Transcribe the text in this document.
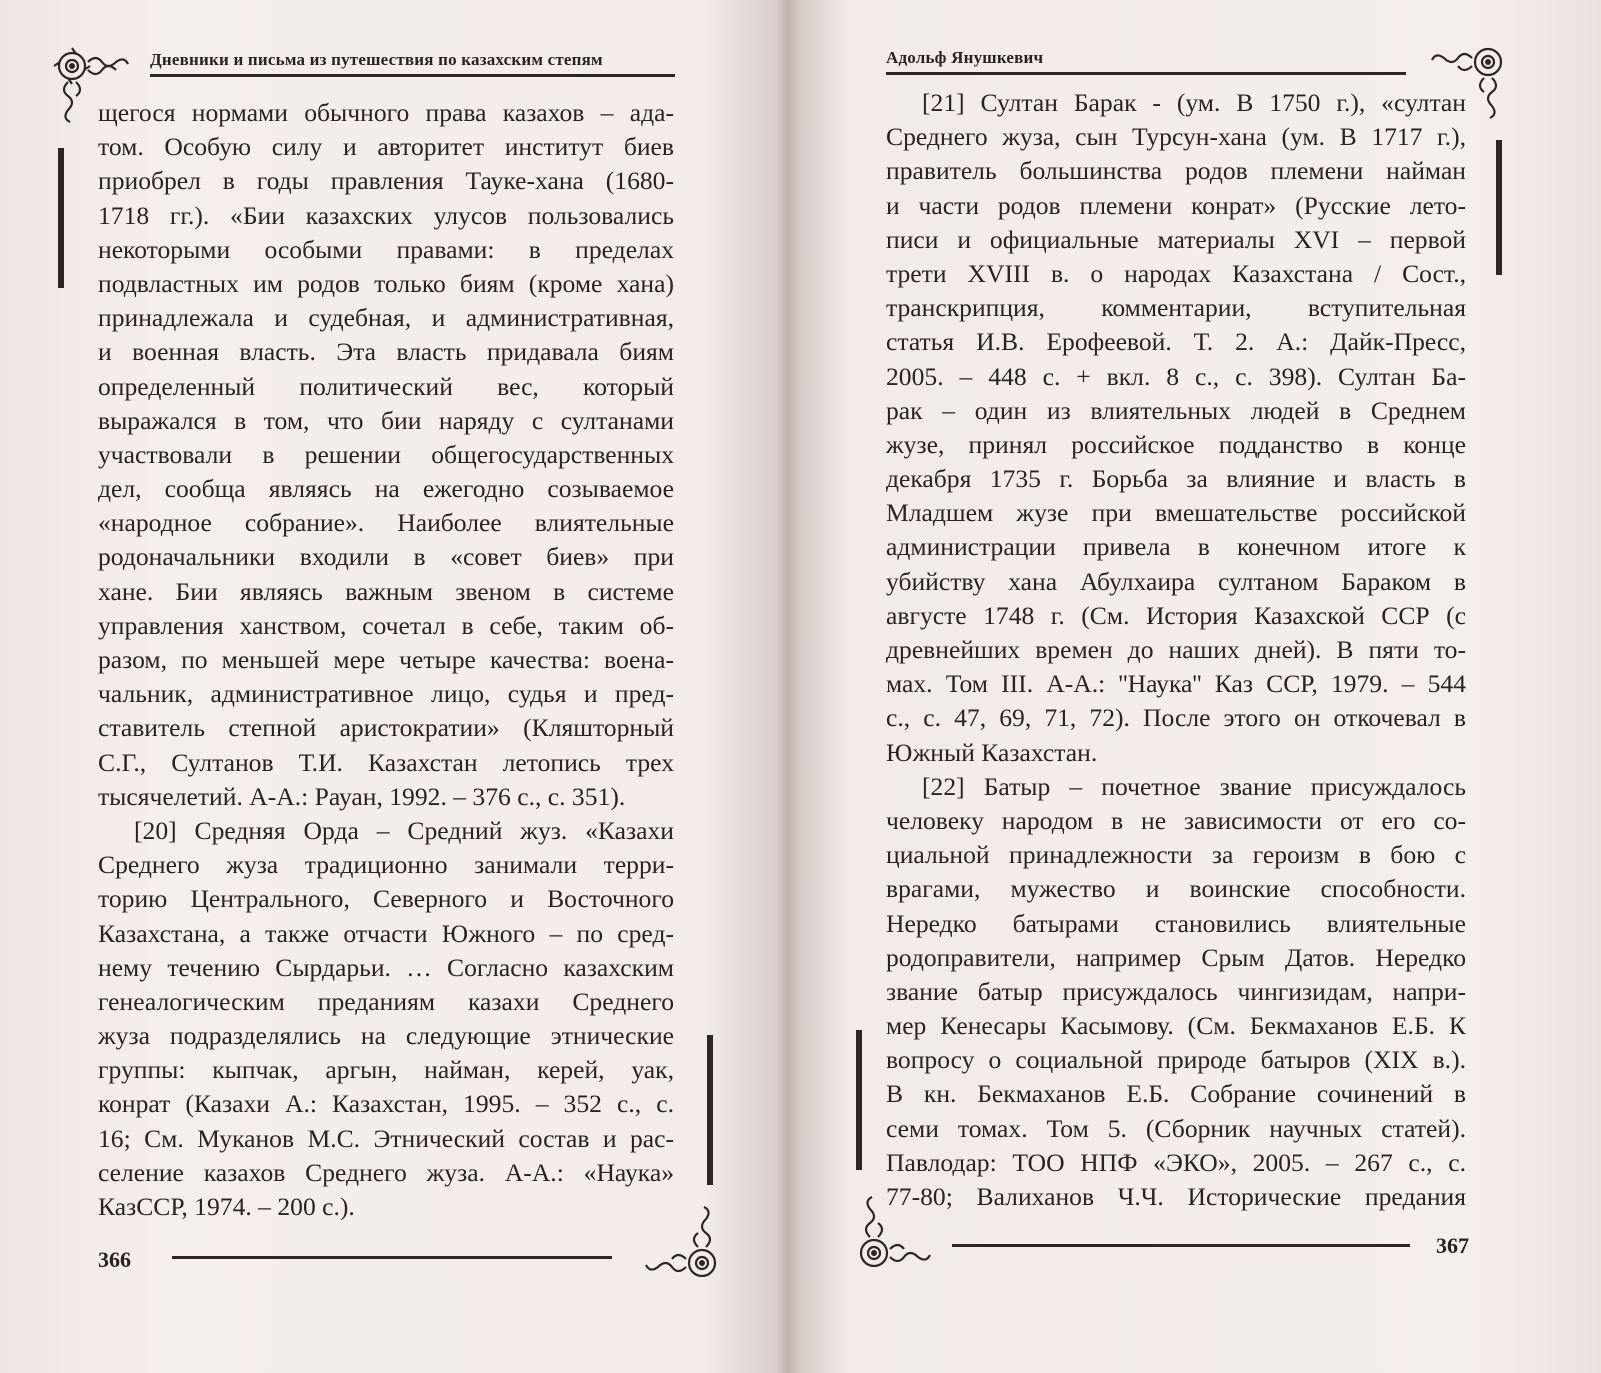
Дневники и письма из путешествия по казахским степям
щегося нормами обычного права казахов – ада-
том. Особую силу и авторитет институт биев
приобрел в годы правления Тауке-хана (1680-
1718 гг.). «Бии казахских улусов пользовались
некоторыми особыми правами: в пределах
подвластных им родов только биям (кроме хана)
принадлежала и судебная, и административная,
и военная власть. Эта власть придавала биям
определенный политический вес, который
выражался в том, что бии наряду с султанами
участвовали в решении общегосударственных
дел, сообща являясь на ежегодно созываемое
«народное собрание». Наиболее влиятельные
родоначальники входили в «совет биев» при
хане. Бии являясь важным звеном в системе
управления ханством, сочетал в себе, таким об-
разом, по меньшей мере четыре качества: воена-
чальник, административное лицо, судья и пред-
ставитель степной аристократии» (Кляшторный
С.Г., Султанов Т.И. Казахстан летопись трех
тысячелетий. А-А.: Рауан, 1992. – 376 с., с. 351).
[20] Средняя Орда – Средний жуз. «Казахи
Среднего жуза традиционно занимали терри-
торию Центрального, Северного и Восточного
Казахстана, а также отчасти Южного – по сред-
нему течению Сырдарьи. … Согласно казахским
генеалогическим преданиям казахи Среднего
жуза подразделялись на следующие этнические
группы: кыпчак, аргын, найман, керей, уак,
конрат (Казахи А.: Казахстан, 1995. – 352 с., с.
16; См. Муканов М.С. Этнический состав и рас-
селение казахов Среднего жуза. А-А.: «Наука»
КазССР, 1974. – 200 с.).
366
Адольф Янушкевич
[21] Султан Барак - (ум. В 1750 г.), «султан
Среднего жуза, сын Турсун-хана (ум. В 1717 г.),
правитель большинства родов племени найман
и части родов племени конрат» (Русские лето-
писи и официальные материалы XVI – первой
трети XVIII в. о народах Казахстана / Сост.,
транскрипция, комментарии, вступительная
статья И.В. Ерофеевой. Т. 2. А.: Дайк-Пресс,
2005. – 448 с. + вкл. 8 с., с. 398). Султан Ба-
рак – один из влиятельных людей в Среднем
жузе, принял российское подданство в конце
декабря 1735 г. Борьба за влияние и власть в
Младшем жузе при вмешательстве российской
администрации привела в конечном итоге к
убийству хана Абулхаира султаном Бараком в
августе 1748 г. (См. История Казахской ССР (с
древнейших времен до наших дней). В пяти то-
мах. Том III. А-А.: ''Наука'' Каз ССР, 1979. – 544
с., с. 47, 69, 71, 72). После этого он откочевал в
Южный Казахстан.
[22] Батыр – почетное звание присуждалось
человеку народом в не зависимости от его со-
циальной принадлежности за героизм в бою с
врагами, мужество и воинские способности.
Нередко батырами становились влиятельные
родоправители, например Срым Датов. Нередко
звание батыр присуждалось чингизидам, напри-
мер Кенесары Касымову. (См. Бекмаханов Е.Б. К
вопросу о социальной природе батыров (XIX в.).
В кн. Бекмаханов Е.Б. Собрание сочинений в
семи томах. Том 5. (Сборник научных статей).
Павлодар: ТОО НПФ «ЭКО», 2005. – 267 с., с.
77-80; Валиханов Ч.Ч. Исторические предания
367
